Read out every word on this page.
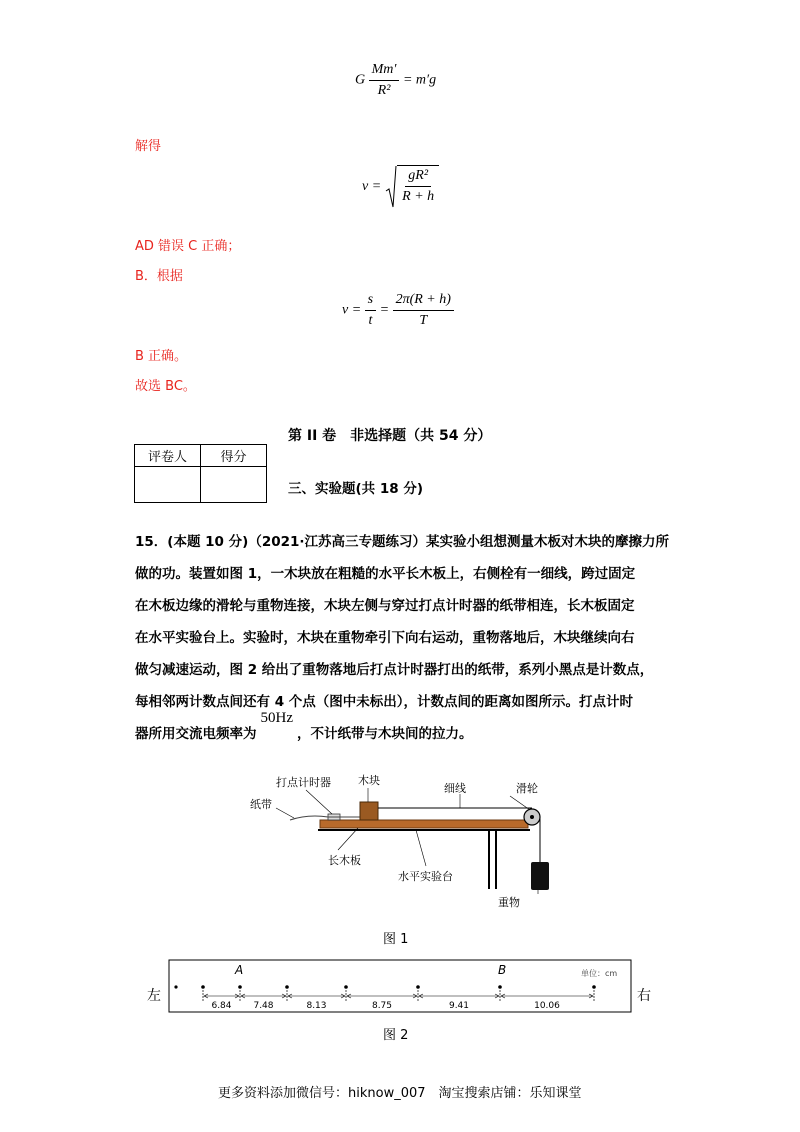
G $\frac{Mm'}{\text{R²}} = m'g$
解得
$v = \frac{\text{gR²}}{R + h}$
AD 错误 C 正确；
B．根据
$v = \frac{s}{t} = \frac{2\pi(R + h)}{T}$
B 正确。
故选 BC。
第 II 卷　非选择题（共 54 分）
评卷人	得分

三、实验题(共 18 分)
15．(本题 10 分)（2021·江苏高三专题练习）某实验小组想测量木板对木块的摩擦力所
做的功。装置如图 1，一木块放在粗糙的水平长木板上，右侧栓有一细线，跨过固定
在木板边缘的滑轮与重物连接，木块左侧与穿过打点计时器的纸带相连，长木板固定
在水平实验台上。实验时，木块在重物牵引下向右运动，重物落地后，木块继续向右
做匀减速运动，图 2 给出了重物落地后打点计时器打出的纸带，系列小黑点是计数点，
每相邻两计数点间还有 4 个点（图中未标出），计数点间的距离如图所示。打点计时
器所用交流电频率为50Hz，不计纸带与木块间的拉力。
打点计时器 木块
细线	滑轮
纸带
长木板
水平实验台
重物
图 1
左	右
A	B	单位：cm
6.84 7.48	8.13	8.75	9.41	10.06
图 2
更多资料添加微信号：hiknow_007　淘宝搜索店铺：乐知课堂
